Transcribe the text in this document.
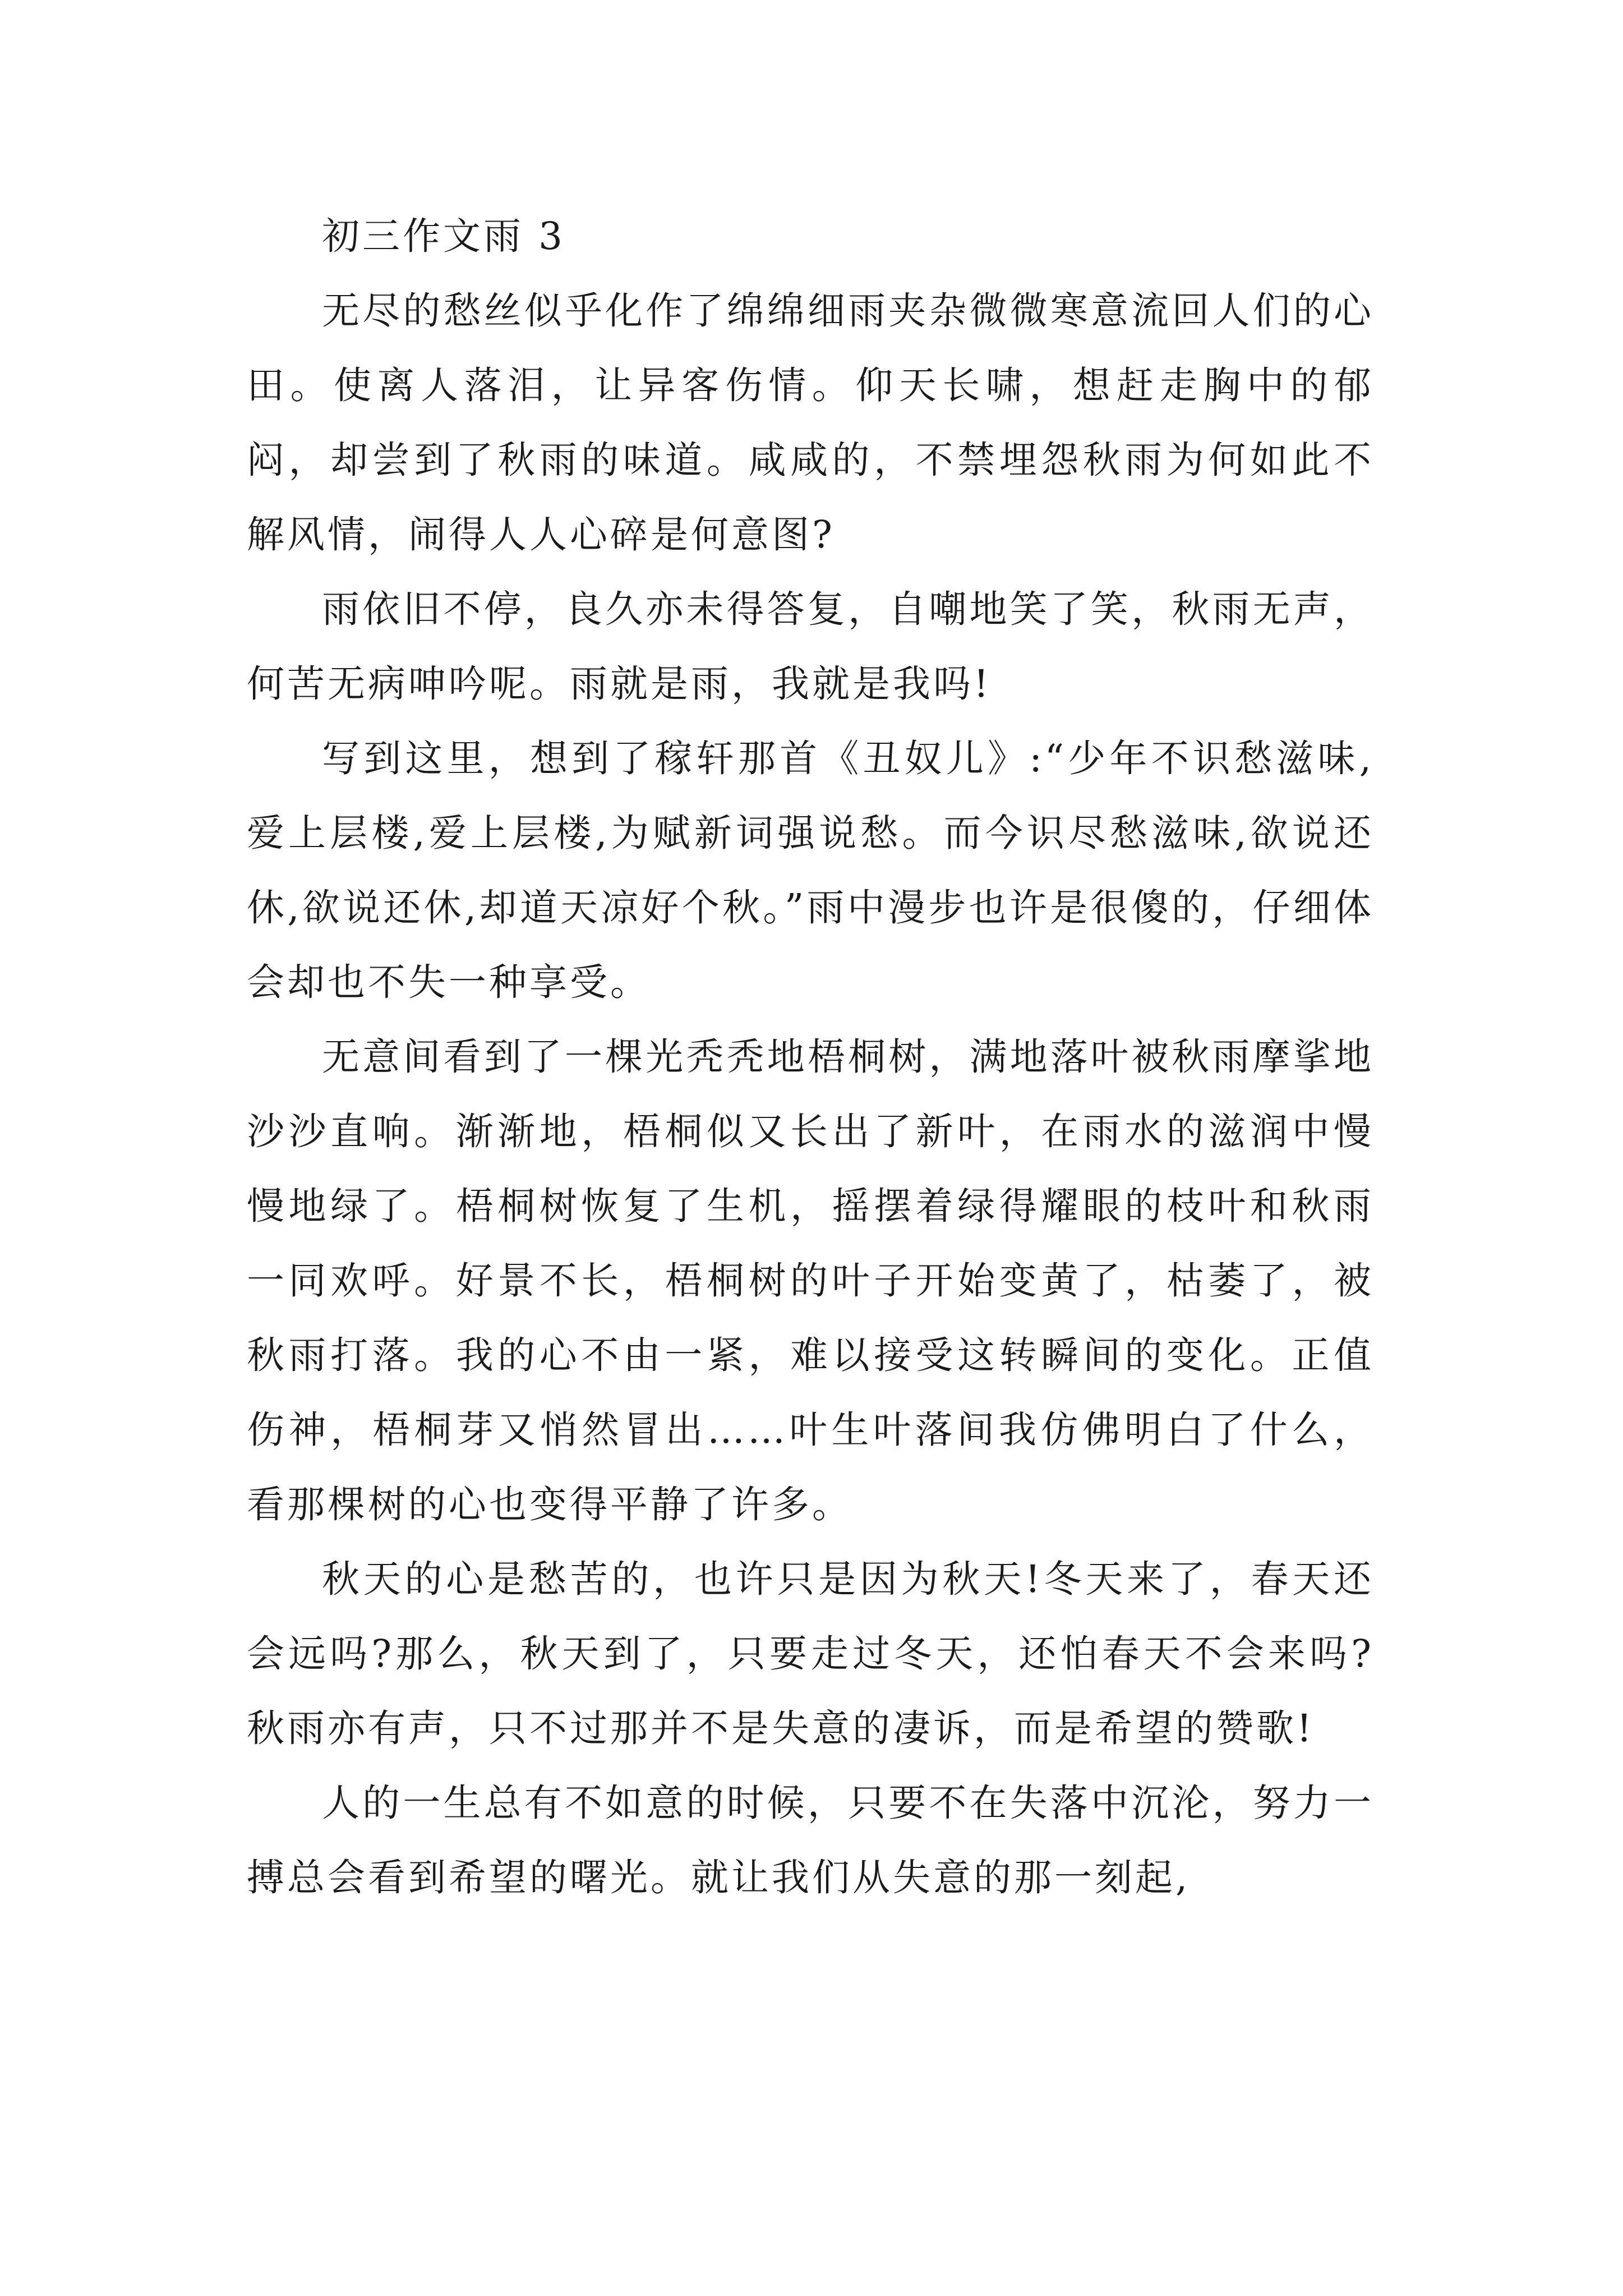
初三作文雨 3

无尽的愁丝似乎化作了绵绵细雨夹杂微微寒意流回人们的心田。使离人落泪，让异客伤情。仰天长啸，想赶走胸中的郁闷，却尝到了秋雨的味道。咸咸的，不禁埋怨秋雨为何如此不解风情，闹得人人心碎是何意图?

雨依旧不停，良久亦未得答复，自嘲地笑了笑，秋雨无声，何苦无病呻吟呢。雨就是雨，我就是我吗!

写到这里，想到了稼轩那首《丑奴儿》:“少年不识愁滋味,爱上层楼,爱上层楼,为赋新词强说愁。而今识尽愁滋味,欲说还休,欲说还休,却道天凉好个秋。”雨中漫步也许是很傻的，仔细体会却也不失一种享受。

无意间看到了一棵光秃秃地梧桐树，满地落叶被秋雨摩挲地沙沙直响。渐渐地，梧桐似又长出了新叶，在雨水的滋润中慢慢地绿了。梧桐树恢复了生机，摇摆着绿得耀眼的枝叶和秋雨一同欢呼。好景不长，梧桐树的叶子开始变黄了，枯萎了，被秋雨打落。我的心不由一紧，难以接受这转瞬间的变化。正值伤神，梧桐芽又悄然冒出……叶生叶落间我仿佛明白了什么，看那棵树的心也变得平静了许多。

秋天的心是愁苦的，也许只是因为秋天!冬天来了，春天还会远吗?那么，秋天到了，只要走过冬天，还怕春天不会来吗?秋雨亦有声，只不过那并不是失意的凄诉，而是希望的赞歌!

人的一生总有不如意的时候，只要不在失落中沉沦，努力一搏总会看到希望的曙光。就让我们从失意的那一刻起,
